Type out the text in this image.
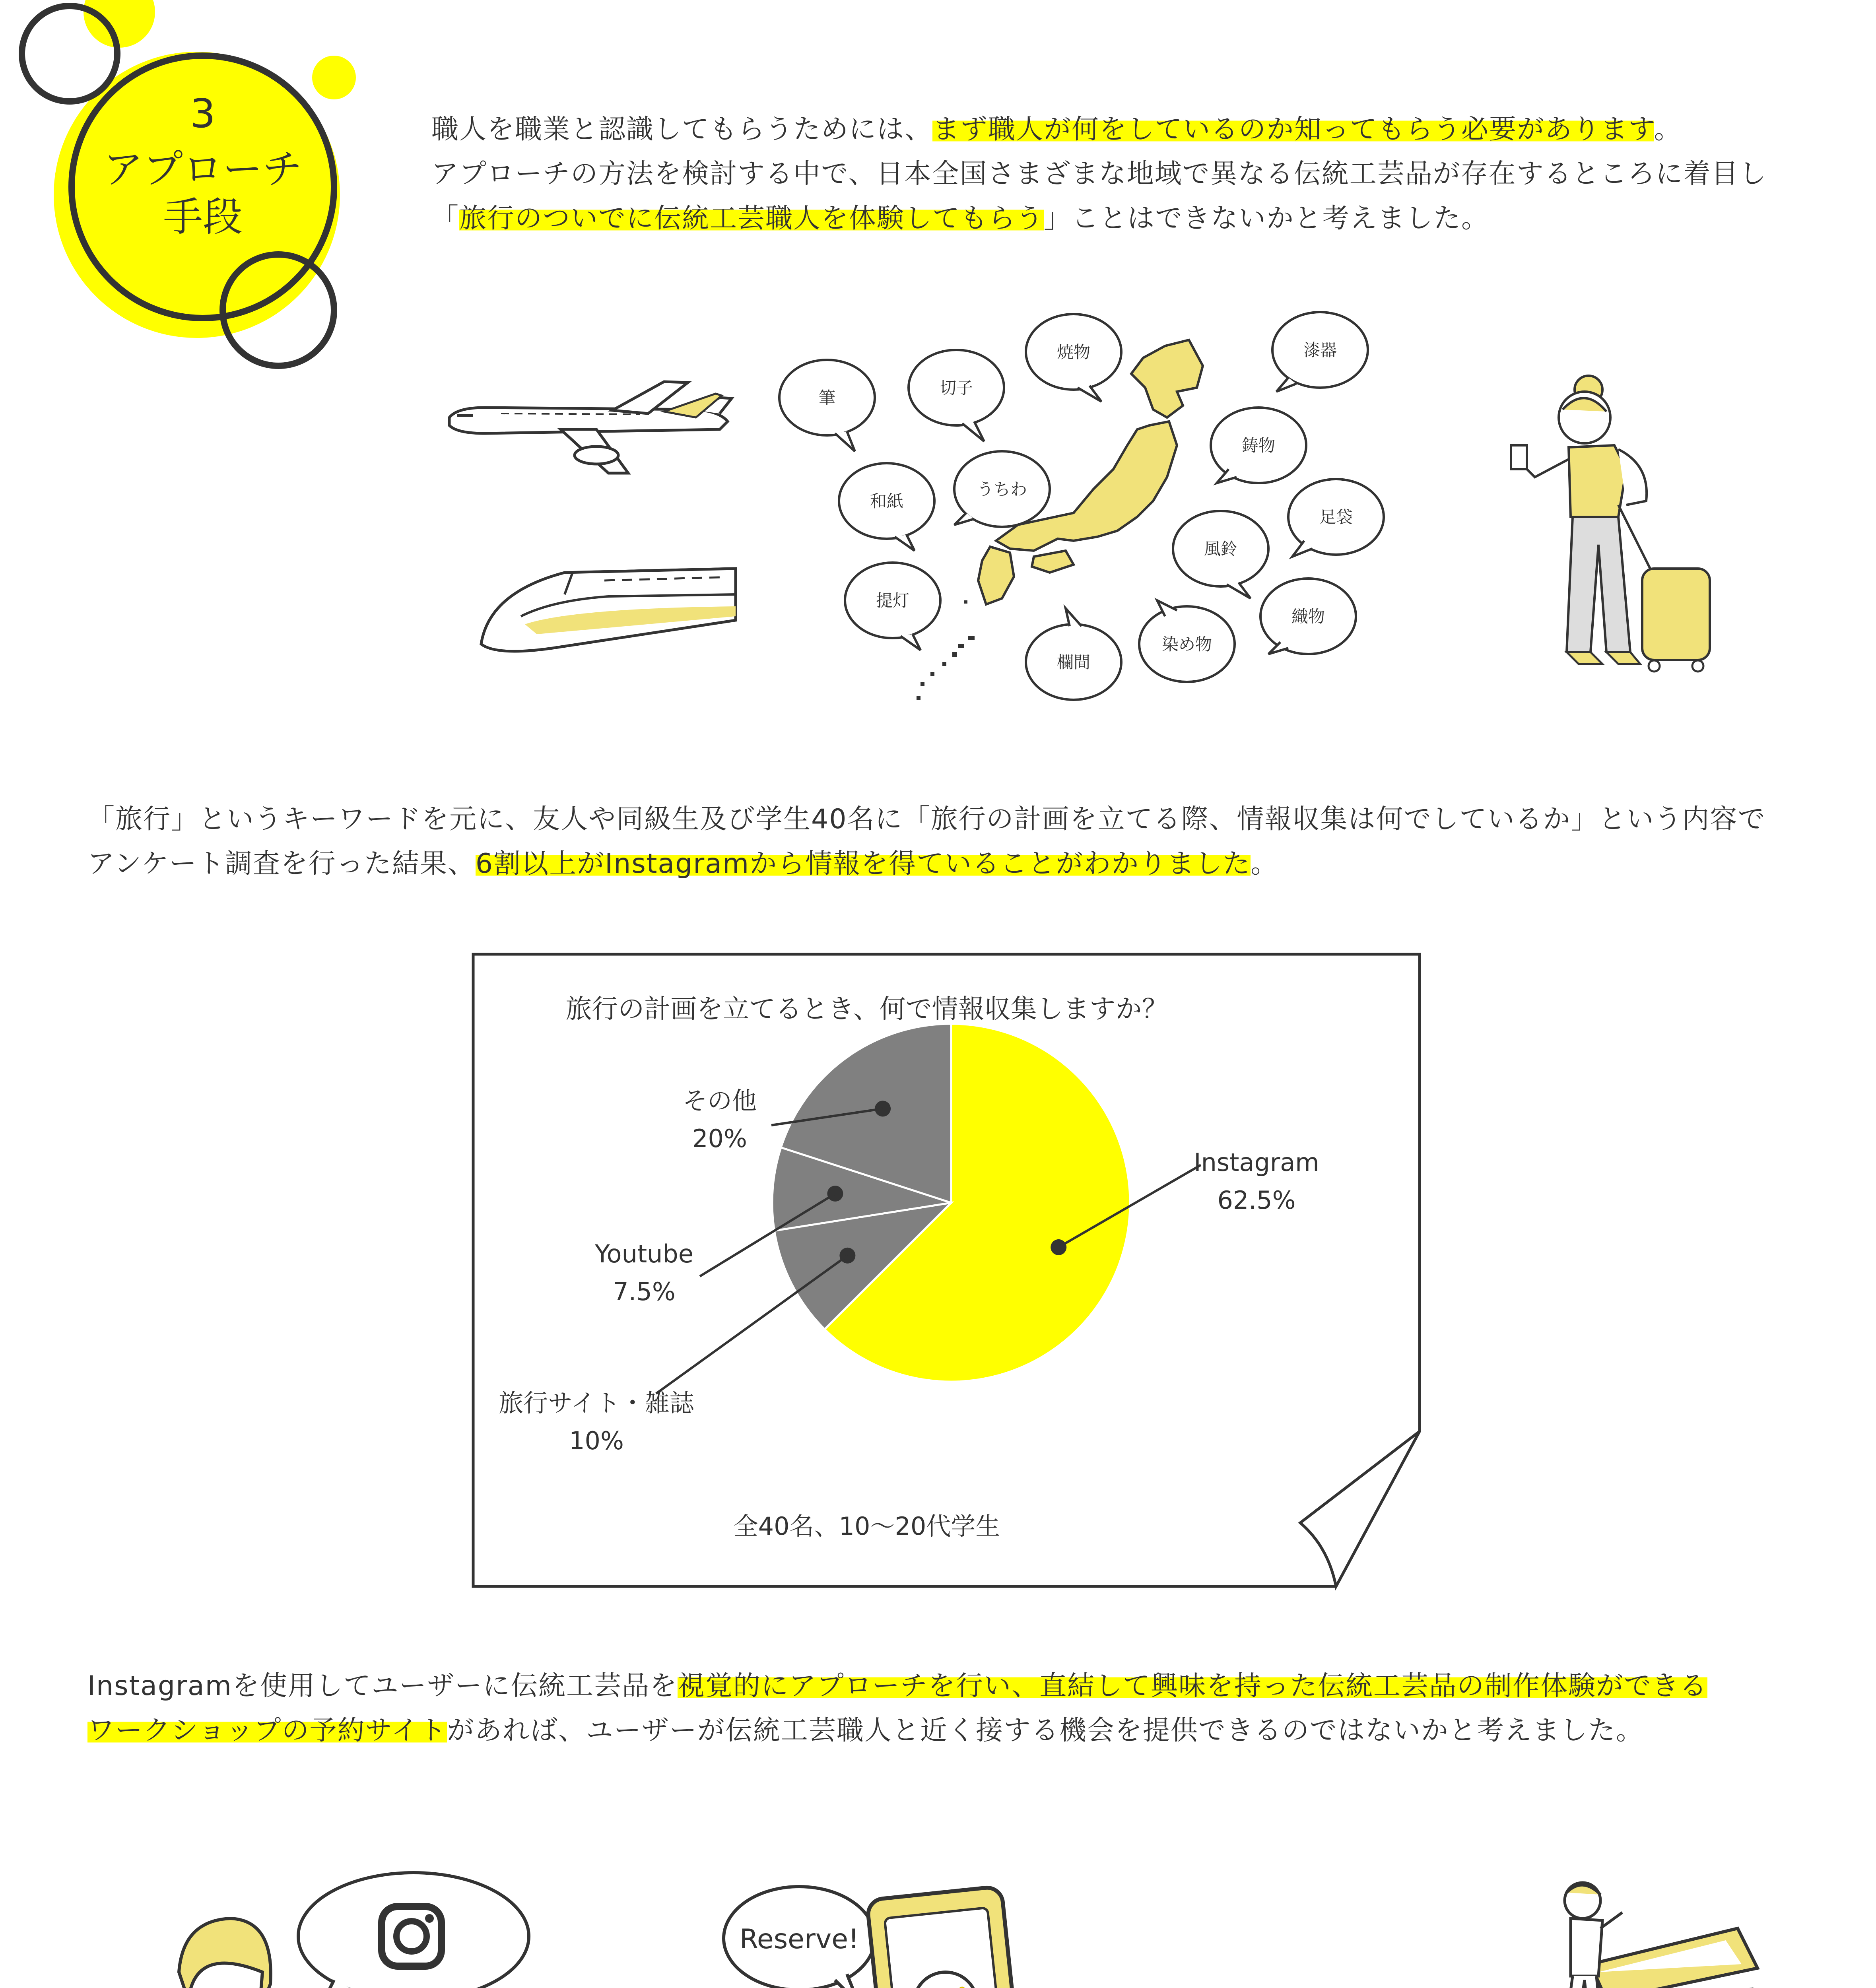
3
アプローチ
手段
職人を職業と認識してもらうためには、まず職人が何をしているのか知ってもらう必要があります。
アプローチの方法を検討する中で、日本全国さまざまな地域で異なる伝統工芸品が存在するところに着目し
「旅行のついでに伝統工芸職人を体験してもらう」ことはできないかと考えました。
筆
切子
焼物	漆器
和紙
うちわ
鋳物
足袋
風鈴
提灯
織物
染め物
欄間
「旅行」というキーワードを元に、友人や同級生及び学生40名に「旅行の計画を立てる際、情報収集は何でしているか」という内容で
アンケート調査を行った結果、6割以上がInstagramから情報を得ていることがわかりました。
旅行の計画を立てるとき、何で情報収集しますか？
Instagram
62.5%
旅行サイト・雑誌
10%
Youtube
7.5%
その他
20%
全40名、10〜20代学生
Instagramを使用してユーザーに伝統工芸品を視覚的にアプローチを行い、直結して興味を持った伝統工芸品の制作体験ができる
ワークショップの予約サイトがあれば、ユーザーが伝統工芸職人と近く接する機会を提供できるのではないかと考えました。
Reserve!
